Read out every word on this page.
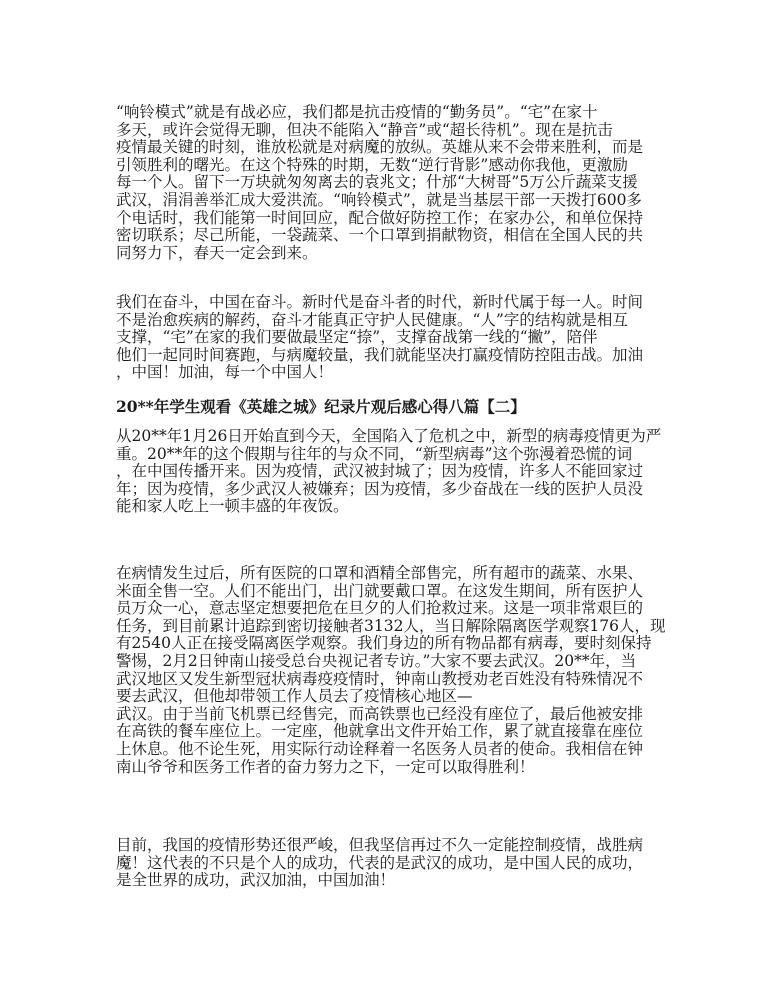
“响铃模式”就是有战必应，我们都是抗击疫情的“勤务员”。“宅”在家十
多天，或许会觉得无聊，但决不能陷入“静音”或“超长待机”。现在是抗击
疫情最关键的时刻，谁放松就是对病魔的放纵。英雄从来不会带来胜利，而是
引领胜利的曙光。在这个特殊的时期，无数“逆行背影”感动你我他，更激励
每一个人。留下一万块就匆匆离去的袁兆文；什邡“大树哥”5万公斤蔬菜支援
武汉，涓涓善举汇成大爱洪流。“响铃模式”，就是当基层干部一天拨打600多
个电话时，我们能第一时间回应，配合做好防控工作；在家办公，和单位保持
密切联系；尽己所能，一袋蔬菜、一个口罩到捐献物资，相信在全国人民的共
同努力下，春天一定会到来。
我们在奋斗，中国在奋斗。新时代是奋斗者的时代，新时代属于每一人。时间
不是治愈疾病的解药，奋斗才能真正守护人民健康。“人”字的结构就是相互
支撑，“宅”在家的我们要做最坚定“捺”，支撑奋战第一线的“撇”，陪伴
他们一起同时间赛跑，与病魔较量，我们就能坚决打赢疫情防控阻击战。加油
，中国！加油，每一个中国人！
20**年学生观看《英雄之城》纪录片观后感心得八篇【二】
从20**年1月26日开始直到今天，全国陷入了危机之中，新型的病毒疫情更为严
重。20**年的这个假期与往年的与众不同，“新型病毒”这个弥漫着恐慌的词
，在中国传播开来。因为疫情，武汉被封城了；因为疫情，许多人不能回家过
年；因为疫情，多少武汉人被嫌弃；因为疫情，多少奋战在一线的医护人员没
能和家人吃上一顿丰盛的年夜饭。
在病情发生过后，所有医院的口罩和酒精全部售完，所有超市的蔬菜、水果、
米面全售一空。人们不能出门，出门就要戴口罩。在这发生期间，所有医护人
员万众一心，意志坚定想要把危在旦夕的人们抢救过来。这是一项非常艰巨的
任务，到目前累计追踪到密切接触者3132人，当日解除隔离医学观察176人，现
有2540人正在接受隔离医学观察。我们身边的所有物品都有病毒，要时刻保持
警惕，2月2日钟南山接受总台央视记者专访。”大家不要去武汉。20**年，当
武汉地区又发生新型冠状病毒疫疫情时，钟南山教授劝老百姓没有特殊情况不
要去武汉，但他却带领工作人员去了疫情核心地区—
武汉。由于当前飞机票已经售完，而高铁票也已经没有座位了，最后他被安排
在高铁的餐车座位上。一定座，他就拿出文件开始工作，累了就直接靠在座位
上休息。他不论生死，用实际行动诠释着一名医务人员者的使命。我相信在钟
南山爷爷和医务工作者的奋力努力之下，一定可以取得胜利！
目前，我国的疫情形势还很严峻，但我坚信再过不久一定能控制疫情，战胜病
魔！这代表的不只是个人的成功，代表的是武汉的成功，是中国人民的成功，
是全世界的成功，武汉加油，中国加油！
